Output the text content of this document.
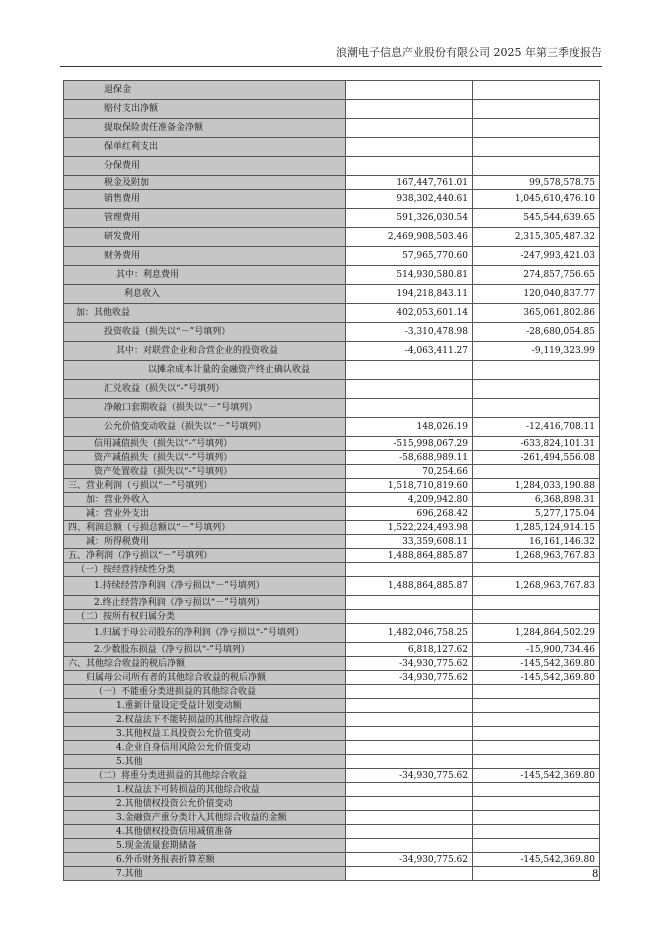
浪潮电子信息产业股份有限公司 2025 年第三季度报告
退保金		
赔付支出净额		
提取保险责任准备金净额		
保单红利支出		
分保费用		
税金及附加	167,447,761.01	99,578,578.75
销售费用	938,302,440.61	1,045,610,476.10
管理费用	591,326,030.54	545,544,639.65
研发费用	2,469,908,503.46	2,315,305,487.32
财务费用	57,965,770.60	-247,993,421.03
其中：利息费用	514,930,580.81	274,857,756.65
利息收入	194,218,843.11	120,040,837.77
加：其他收益	402,053,601.14	365,061,802.86
投资收益（损失以“－”号填列）	-3,310,478.98	-28,680,054.85
其中：对联营企业和合营企业的投资收益	-4,063,411.27	-9,119,323.99
以摊余成本计量的金融资产终止确认收益		
汇兑收益（损失以“-”号填列）		
净敞口套期收益（损失以“－”号填列）		
公允价值变动收益（损失以“－”号填列）	148,026.19	-12,416,708.11
信用减值损失（损失以“-”号填列）	-515,998,067.29	-633,824,101.31
资产减值损失（损失以“-”号填列）	-58,688,989.11	-261,494,556.08
资产处置收益（损失以“-”号填列）	70,254.66	
三、营业利润（亏损以“－”号填列）	1,518,710,819.60	1,284,033,190.88
加：营业外收入	4,209,942.80	6,368,898.31
减：营业外支出	696,268.42	5,277,175.04
四、利润总额（亏损总额以“－”号填列）	1,522,224,493.98	1,285,124,914.15
减：所得税费用	33,359,608.11	16,161,146.32
五、净利润（净亏损以“－”号填列）	1,488,864,885.87	1,268,963,767.83
（一）按经营持续性分类		
1.持续经营净利润（净亏损以“－”号填列）	1,488,864,885.87	1,268,963,767.83
2.终止经营净利润（净亏损以“－”号填列）		
（二）按所有权归属分类		
1.归属于母公司股东的净利润（净亏损以“-”号填列）	1,482,046,758.25	1,284,864,502.29
2.少数股东损益（净亏损以“-”号填列）	6,818,127.62	-15,900,734.46
六、其他综合收益的税后净额	-34,930,775.62	-145,542,369.80
归属母公司所有者的其他综合收益的税后净额	-34,930,775.62	-145,542,369.80
（一）不能重分类进损益的其他综合收益		
1.重新计量设定受益计划变动额		
2.权益法下不能转损益的其他综合收益		
3.其他权益工具投资公允价值变动		
4.企业自身信用风险公允价值变动		
5.其他		
（二）将重分类进损益的其他综合收益	-34,930,775.62	-145,542,369.80
1.权益法下可转损益的其他综合收益		
2.其他债权投资公允价值变动		
3.金融资产重分类计入其他综合收益的金额		
4.其他债权投资信用减值准备		
5.现金流量套期储备		
6.外币财务报表折算差额	-34,930,775.62	-145,542,369.80
7.其他			8
